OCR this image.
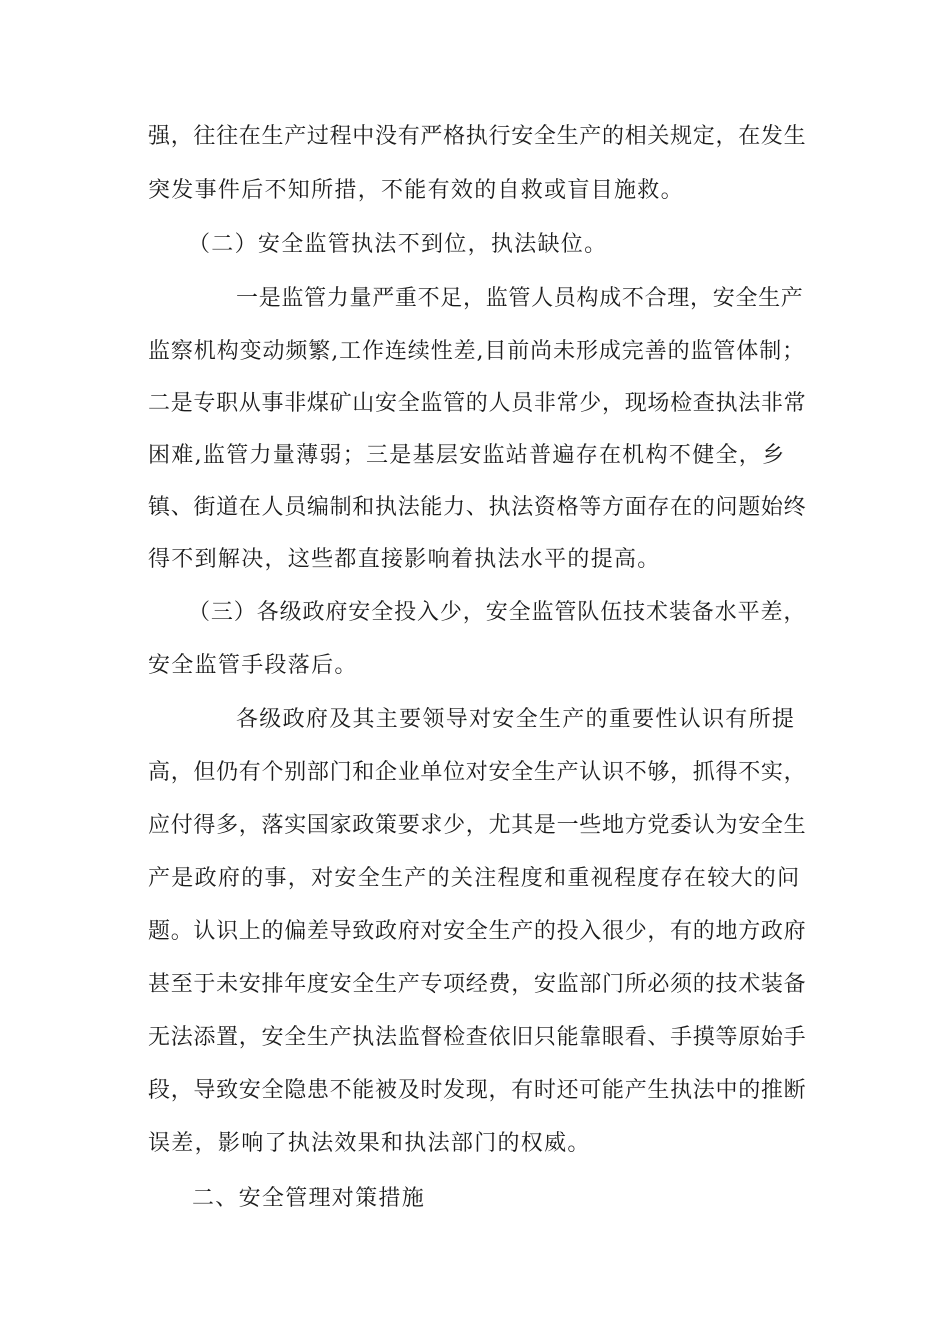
强，往往在生产过程中没有严格执行安全生产的相关规定，在发生
突发事件后不知所措，不能有效的自救或盲目施救。
（二）安全监管执法不到位，执法缺位。
一是监管力量严重不足，监管人员构成不合理，安全生产
监察机构变动频繁,工作连续性差,目前尚未形成完善的监管体制；
二是专职从事非煤矿山安全监管的人员非常少，现场检查执法非常
困难,监管力量薄弱；三是基层安监站普遍存在机构不健全，乡
镇、街道在人员编制和执法能力、执法资格等方面存在的问题始终
得不到解决，这些都直接影响着执法水平的提高。
（三）各级政府安全投入少，安全监管队伍技术装备水平差，
安全监管手段落后。
各级政府及其主要领导对安全生产的重要性认识有所提
高，但仍有个别部门和企业单位对安全生产认识不够，抓得不实，
应付得多，落实国家政策要求少，尤其是一些地方党委认为安全生
产是政府的事，对安全生产的关注程度和重视程度存在较大的问
题。认识上的偏差导致政府对安全生产的投入很少，有的地方政府
甚至于未安排年度安全生产专项经费，安监部门所必须的技术装备
无法添置，安全生产执法监督检查依旧只能靠眼看、手摸等原始手
段，导致安全隐患不能被及时发现，有时还可能产生执法中的推断
误差，影响了执法效果和执法部门的权威。
二、安全管理对策措施
